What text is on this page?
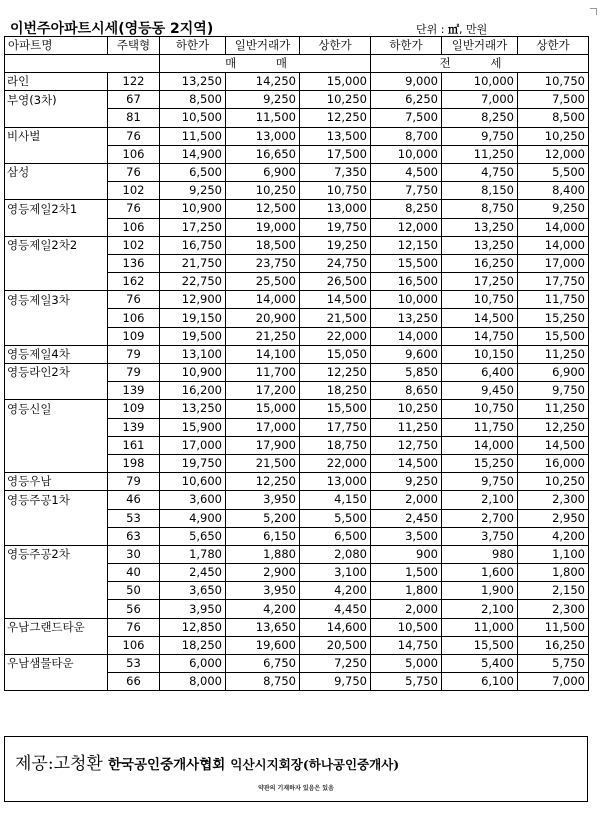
이번주아파트시세(영등동 2지역)	단위 : ㎡, 만원
아파트명	주택형	하한가	일반거래가	상한가	하한가	일반거래가	상한가
		매 매			전 세		
라인	122	13,250	14,250	15,000	9,000	10,000	10,750
부영(3차)	67	8,500	9,250	10,250	6,250	7,000	7,500
	81	10,500	11,500	12,250	7,500	8,250	8,500
비사벌	76	11,500	13,000	13,500	8,700	9,750	10,250
	106	14,900	16,650	17,500	10,000	11,250	12,000
삼성	76	6,500	6,900	7,350	4,500	4,750	5,500
	102	9,250	10,250	10,750	7,750	8,150	8,400
영등제일2차1	76	10,900	12,500	13,000	8,250	8,750	9,250
	106	17,250	19,000	19,750	12,000	13,250	14,000
영등제일2차2	102	16,750	18,500	19,250	12,150	13,250	14,000
	136	21,750	23,750	24,750	15,500	16,250	17,000
	162	22,750	25,500	26,500	16,500	17,250	17,750
영등제일3차	76	12,900	14,000	14,500	10,000	10,750	11,750
	106	19,150	20,900	21,500	13,250	14,500	15,250
	109	19,500	21,250	22,000	14,000	14,750	15,500
영등제일4차	79	13,100	14,100	15,050	9,600	10,150	11,250
영등라인2차	79	10,900	11,700	12,250	5,850	6,400	6,900
	139	16,200	17,200	18,250	8,650	9,450	9,750
영등신일	109	13,250	15,000	15,500	10,250	10,750	11,250
	139	15,900	17,000	17,750	11,250	11,750	12,250
	161	17,000	17,900	18,750	12,750	14,000	14,500
	198	19,750	21,500	22,000	14,500	15,250	16,000
영등우남	79	10,600	12,250	13,000	9,250	9,750	10,250
영등주공1차	46	3,600	3,950	4,150	2,000	2,100	2,300
	53	4,900	5,200	5,500	2,450	2,700	2,950
	63	5,650	6,150	6,500	3,500	3,750	4,200
영등주공2차	30	1,780	1,880	2,080	900	980	1,100
	40	2,450	2,900	3,100	1,500	1,600	1,800
	50	3,650	3,950	4,200	1,800	1,900	2,150
	56	3,950	4,200	4,450	2,000	2,100	2,300
우남그랜드타운	76	12,850	13,650	14,600	10,500	11,000	11,500
	106	18,250	19,600	20,500	14,750	15,500	16,250
우남샘물타운	53	6,000	6,750	7,250	5,000	5,400	5,750
	66	8,000	8,750	9,750	5,750	6,100	7,000
제공:고청환 한국공인중개사협회 익산시지회장(하나공인중개사)
약관의 기재하자 있음은 있음
